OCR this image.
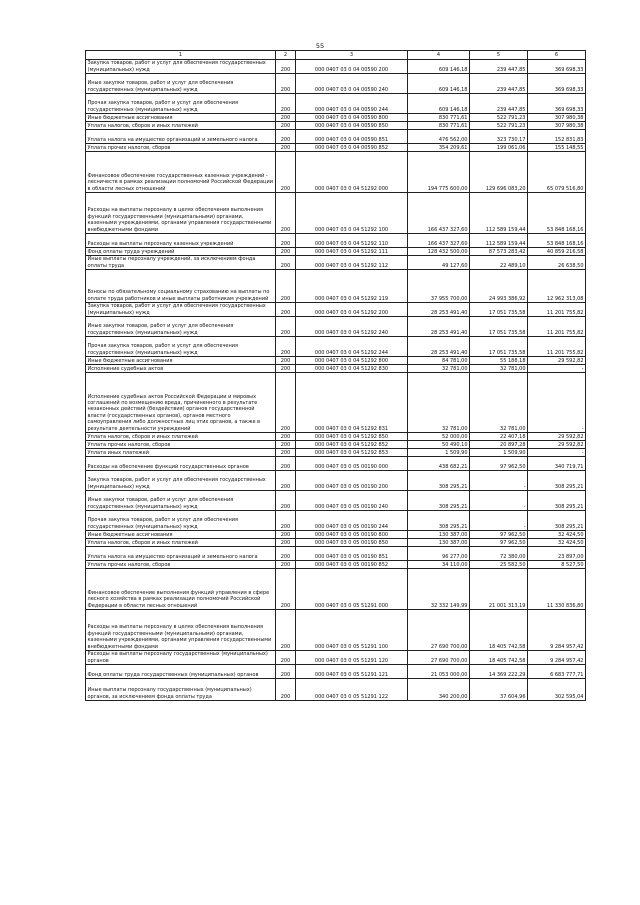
55
1	2	3	4	5	6
Закупка товаров, работ и услуг для обеспечения государственных (муниципальных) нужд	200	000 0407 03 0 04 00590 200	609 146,18	239 447,85	369 698,33
Иные закупки товаров, работ и услуг для обеспечения государственных (муниципальных) нужд	200	000 0407 03 0 04 00590 240	609 146,18	239 447,85	369 698,33
Прочая закупка товаров, работ и услуг для обеспечения государственных (муниципальных) нужд	200	000 0407 03 0 04 00590 244	609 146,18	239 447,85	369 698,33
Иные бюджетные ассигнования	200	000 0407 03 0 04 00590 800	830 771,61	522 791,23	307 980,38
Уплата налогов, сборов и иных платежей	200	000 0407 03 0 04 00590 850	830 771,61	522 791,23	307 980,38
Уплата налога на имущество организаций и земельного налога	200	000 0407 03 0 04 00590 851	476 562,00	323 730,17	152 831,83
Уплата прочих налогов, сборов	200	000 0407 03 0 04 00590 852	354 209,61	199 061,06	155 148,55
Финансовое обеспечение государственных казенных учреждений - лесничеств в рамках реализации полномочий Российской Федерации в области лесных отношений	200	000 0407 03 0 04 51292 000	194 775 600,00	129 696 083,20	65 079 516,80
Расходы на выплаты персоналу в целях обеспечения выполнения функций государственными (муниципальными) органами, казенными учреждениями, органами управления государственными внебюджетными фондами	200	000 0407 03 0 04 51292 100	166 437 327,60	112 589 159,44	53 848 168,16
Расходы на выплаты персоналу казенных учреждений	200	000 0407 03 0 04 51292 110	166 437 327,60	112 589 159,44	53 848 168,16
Фонд оплаты труда учреждений	200	000 0407 03 0 04 51292 111	128 432 500,00	87 573 283,42	40 859 216,58
Иные выплаты персоналу учреждений, за исключением фонда оплаты труда	200	000 0407 03 0 04 51292 112	49 127,60	22 489,10	26 638,50
Взносы по обязательному социальному страхованию на выплаты по оплате труда работников и иные выплаты работникам учреждений	200	000 0407 03 0 04 51292 119	37 955 700,00	24 993 386,92	12 962 313,08
Закупка товаров, работ и услуг для обеспечения государственных (муниципальных) нужд	200	000 0407 03 0 04 51292 200	28 253 491,40	17 051 735,58	11 201 755,82
Иные закупки товаров, работ и услуг для обеспечения государственных (муниципальных) нужд	200	000 0407 03 0 04 51292 240	28 253 491,40	17 051 735,58	11 201 755,82
Прочая закупка товаров, работ и услуг для обеспечения государственных (муниципальных) нужд	200	000 0407 03 0 04 51292 244	28 253 491,40	17 051 735,58	11 201 755,82
Иные бюджетные ассигнования	200	000 0407 03 0 04 51292 800	84 781,00	55 188,18	29 592,82
Исполнение судебных актов	200	000 0407 03 0 04 51292 830	32 781,00	32 781,00	-
Исполнение судебных актов Российской Федерации и мировых соглашений по возмещению вреда, причиненного в результате незаконных действий (бездействия) органов государственной власти (государственных органов), органов местного самоуправления либо должностных лиц этих органов, а также в результате деятельности учреждений	200	000 0407 03 0 04 51292 831	32 781,00	32 781,00	-
Уплата налогов, сборов и иных платежей	200	000 0407 03 0 04 51292 850	52 000,00	22 407,18	29 592,82
Уплата прочих налогов, сборов	200	000 0407 03 0 04 51292 852	50 490,10	20 897,28	29 592,82
Уплата иных платежей	200	000 0407 03 0 04 51292 853	1 509,90	1 509,90	-
Расходы на обеспечение функций государственных органов	200	000 0407 03 0 05 00190 000	438 682,21	97 962,50	340 719,71
Закупка товаров, работ и услуг для обеспечения государственных (муниципальных) нужд	200	000 0407 03 0 05 00190 200	308 295,21	-	308 295,21
Иные закупки товаров, работ и услуг для обеспечения государственных (муниципальных) нужд	200	000 0407 03 0 05 00190 240	308 295,21	-	308 295,21
Прочая закупка товаров, работ и услуг для обеспечения государственных (муниципальных) нужд	200	000 0407 03 0 05 00190 244	308 295,21	-	308 295,21
Иные бюджетные ассигнования	200	000 0407 03 0 05 00190 800	130 387,00	97 962,50	32 424,50
Уплата налогов, сборов и иных платежей	200	000 0407 03 0 05 00190 850	130 387,00	97 962,50	32 424,50
Уплата налога на имущество организаций и земельного налога	200	000 0407 03 0 05 00190 851	96 277,00	72 380,00	23 897,00
Уплата прочих налогов, сборов	200	000 0407 03 0 05 00190 852	34 110,00	25 582,50	8 527,50
Финансовое обеспечение выполнения функций управления в сфере лесного хозяйства в рамках реализации полномочий Российской Федерации в области лесных отношений	200	000 0407 03 0 05 51291 000	32 332 149,99	21 001 313,19	11 330 836,80
Расходы на выплаты персоналу в целях обеспечения выполнения функций государственными (муниципальными) органами, казенными учреждениями, органами управления государственными внебюджетными фондами	200	000 0407 03 0 05 51291 100	27 690 700,00	18 405 742,58	9 284 957,42
Расходы на выплаты персоналу государственных (муниципальных) органов	200	000 0407 03 0 05 51291 120	27 690 700,00	18 405 742,58	9 284 957,42
Фонд оплаты труда государственных (муниципальных) органов	200	000 0407 03 0 05 51291 121	21 053 000,00	14 369 222,29	6 683 777,71
Иные выплаты персоналу государственных (муниципальных) органов, за исключением фонда оплаты труда	200	000 0407 03 0 05 51291 122	340 200,00	37 604,96	302 595,04
